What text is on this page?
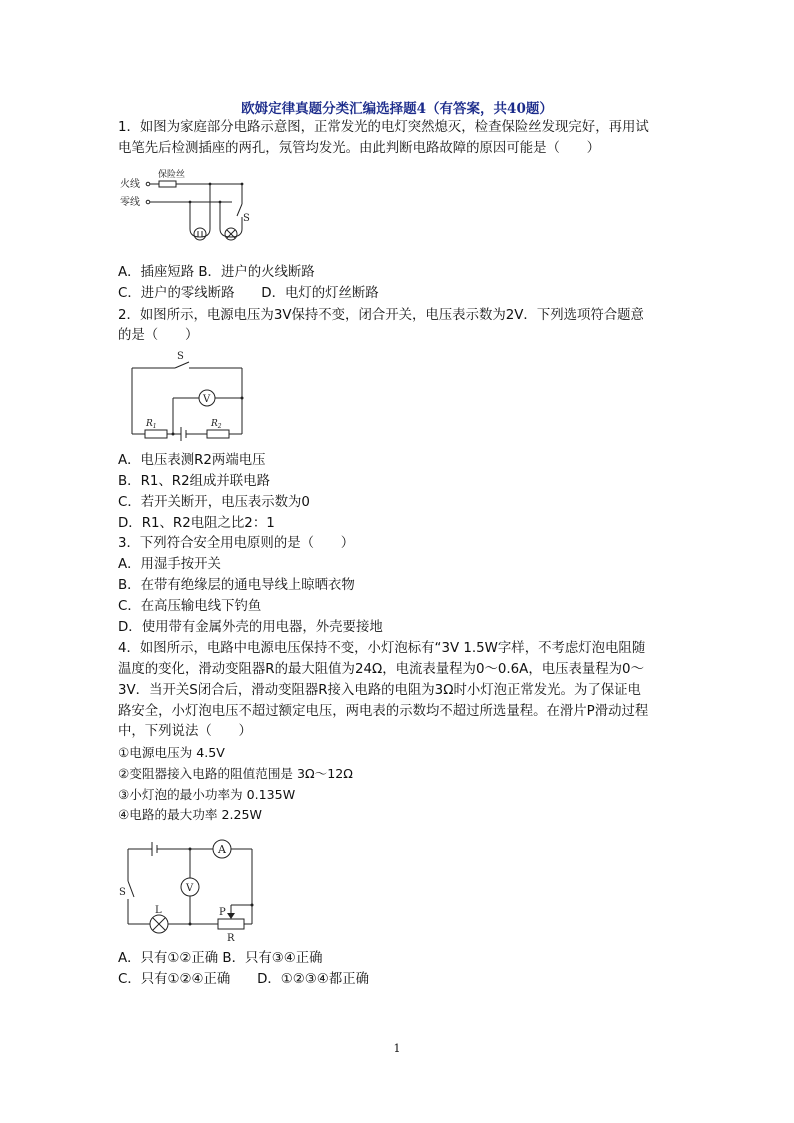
欧姆定律真题分类汇编选择题4（有答案，共40题）
1．如图为家庭部分电路示意图，正常发光的电灯突然熄灭，检查保险丝发现完好，再用试
电笔先后检测插座的两孔，氖管均发光。由此判断电路故障的原因可能是（　　）
火线
零线
保险丝
S
A．插座短路 B．进户的火线断路
C．进户的零线断路　　D．电灯的灯丝断路
2．如图所示，电源电压为3V保持不变，闭合开关，电压表示数为2V．下列选项符合题意
的是（　　）
S
V
$R_1$	$R_2$
A．电压表测R2两端电压
B．R1、R2组成并联电路
C．若开关断开，电压表示数为0
D．R1、R2电阻之比2：1
3．下列符合安全用电原则的是（　　）
A．用湿手按开关
B．在带有绝缘层的通电导线上晾晒衣物
C．在高压输电线下钓鱼
D．使用带有金属外壳的用电器，外壳要接地
4．如图所示，电路中电源电压保持不变，小灯泡标有“3V 1.5W字样，不考虑灯泡电阻随
温度的变化，滑动变阻器R的最大阻值为24Ω，电流表量程为0～0.6A，电压表量程为0～
3V．当开关S闭合后，滑动变阻器R接入电路的电阻为3Ω时小灯泡正常发光。为了保证电
路安全，小灯泡电压不超过额定电压，两电表的示数均不超过所选量程。在滑片P滑动过程
中，下列说法（　　）
①电源电压为 4.5V
②变阻器接入电路的阻值范围是 3Ω～12Ω
③小灯泡的最小功率为 0.135W
④电路的最大功率 2.25W
A
V
S
L	P
R
A．只有①②正确 B．只有③④正确
C．只有①②④正确　　D．①②③④都正确
1
